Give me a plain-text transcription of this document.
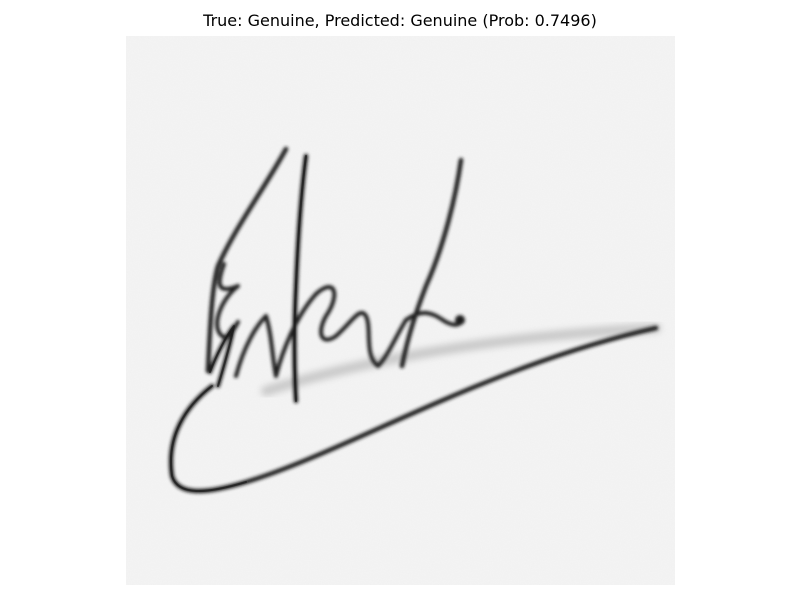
True: Genuine, Predicted: Genuine (Prob: 0.7496)
